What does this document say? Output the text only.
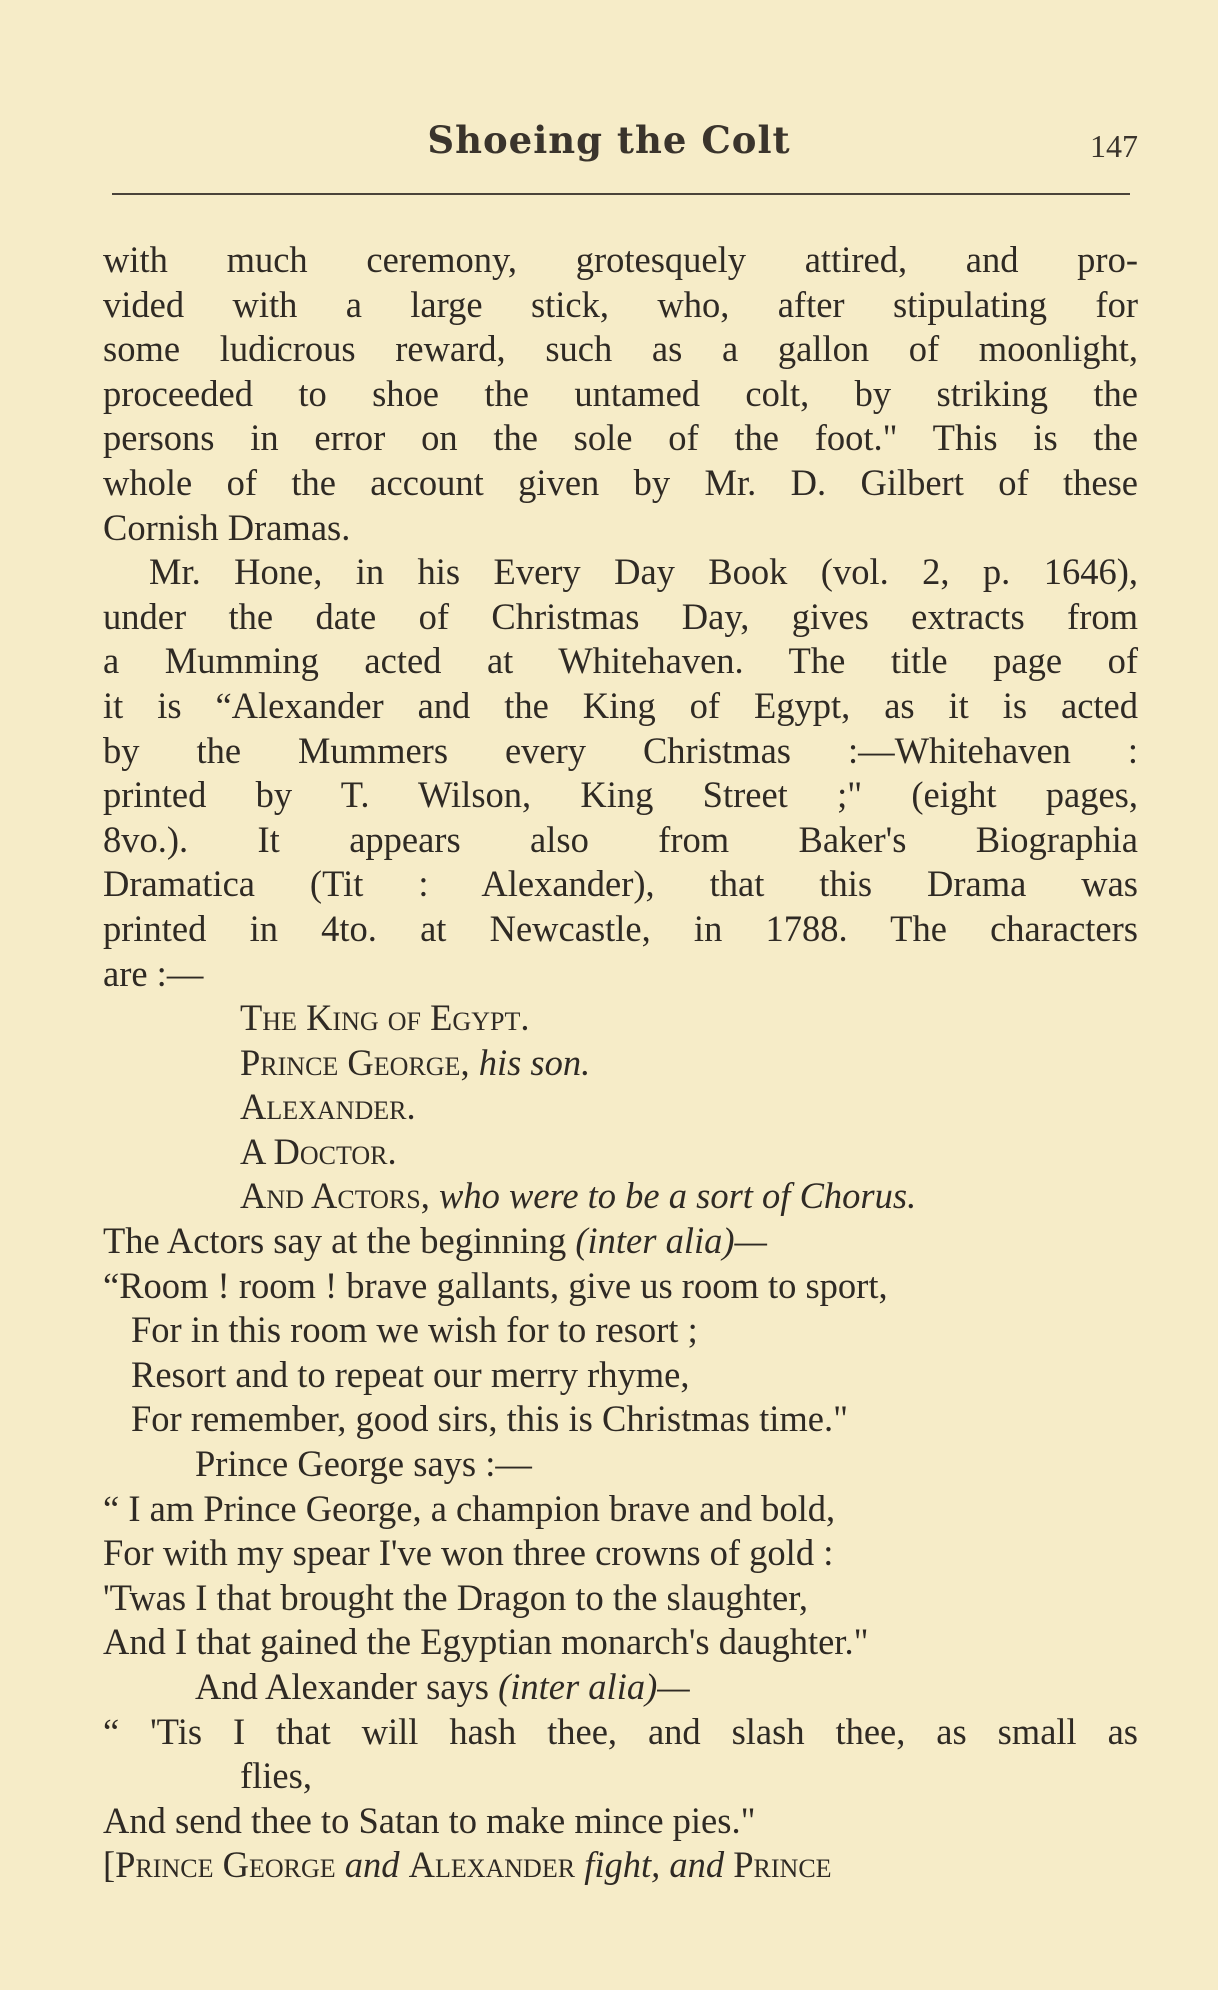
Shoeing the Colt	147
with much ceremony, grotesquely attired, and pro-
vided with a large stick, who, after stipulating for
some ludicrous reward, such as a gallon of moonlight,
proceeded to shoe the untamed colt, by striking the
persons in error on the sole of the foot." This is the
whole of the account given by Mr. D. Gilbert of these
Cornish Dramas.
Mr. Hone, in his Every Day Book (vol. 2, p. 1646),
under the date of Christmas Day, gives extracts from
a Mumming acted at Whitehaven. The title page of
it is “Alexander and the King of Egypt, as it is acted
by the Mummers every Christmas :—Whitehaven :
printed by T. Wilson, King Street ;" (eight pages,
8vo.). It appears also from Baker's Biographia
Dramatica (Tit : Alexander), that this Drama was
printed in 4to. at Newcastle, in 1788. The characters
are :—
The King of Egypt.
Prince George, his son.
Alexander.
A Doctor.
And Actors, who were to be a sort of Chorus.
The Actors say at the beginning (inter alia)—
“Room ! room ! brave gallants, give us room to sport,
For in this room we wish for to resort ;
Resort and to repeat our merry rhyme,
For remember, good sirs, this is Christmas time."
Prince George says :—
“ I am Prince George, a champion brave and bold,
For with my spear I've won three crowns of gold :
'Twas I that brought the Dragon to the slaughter,
And I that gained the Egyptian monarch's daughter."
And Alexander says (inter alia)—
“ 'Tis I that will hash thee, and slash thee, as small as
flies,
And send thee to Satan to make mince pies."
[Prince George and Alexander fight, and Prince
